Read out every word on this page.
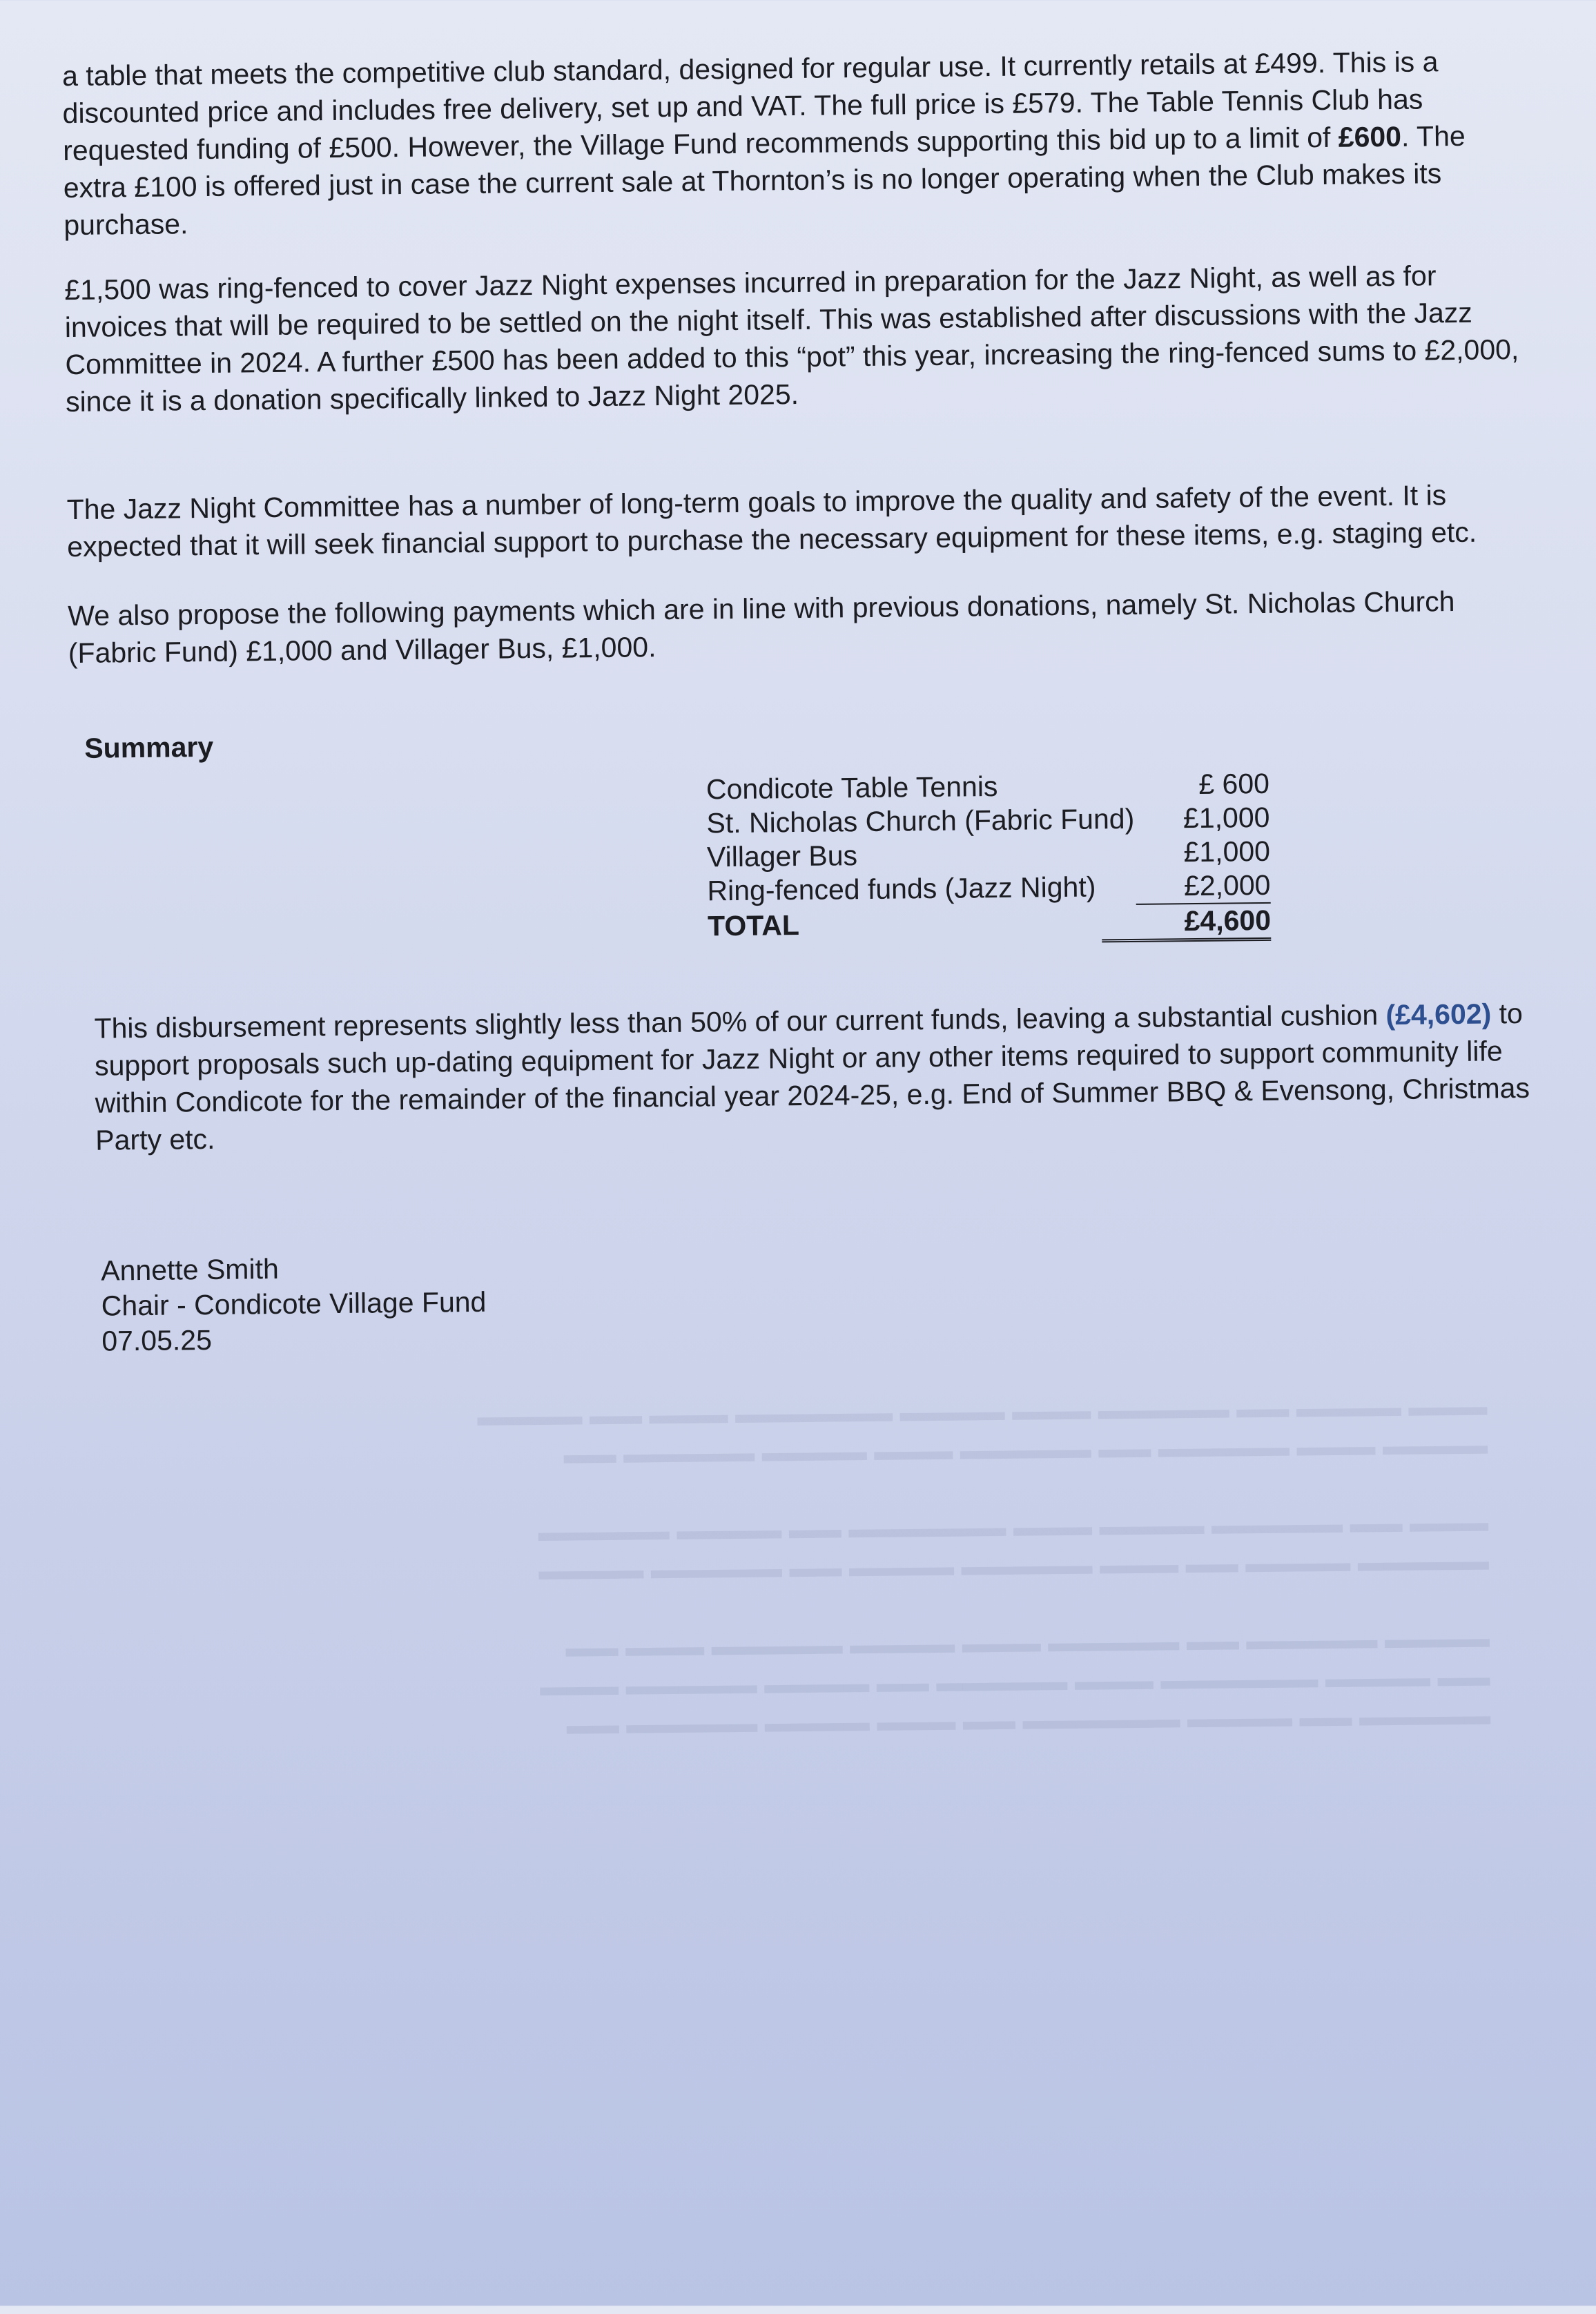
a table that meets the competitive club standard, designed for regular use. It currently retails at £499. This is a discounted price and includes free delivery, set up and VAT. The full price is £579. The Table Tennis Club has requested funding of £500. However, the Village Fund recommends supporting this bid up to a limit of £600. The extra £100 is offered just in case the current sale at Thornton’s is no longer operating when the Club makes its purchase.

£1,500 was ring-fenced to cover Jazz Night expenses incurred in preparation for the Jazz Night, as well as for invoices that will be required to be settled on the night itself. This was established after discussions with the Jazz Committee in 2024. A further £500 has been added to this “pot” this year, increasing the ring-fenced sums to £2,000, since it is a donation specifically linked to Jazz Night 2025.

The Jazz Night Committee has a number of long-term goals to improve the quality and safety of the event. It is expected that it will seek financial support to purchase the necessary equipment for these items, e.g. staging etc.

We also propose the following payments which are in line with previous donations, namely St. Nicholas Church (Fabric Fund) £1,000 and Villager Bus, £1,000.

Summary
Condicote Table Tennis	£ 600
St. Nicholas Church (Fabric Fund) £1,000
Villager Bus	£1,000
Ring-fenced funds (Jazz Night)	£2,000
TOTAL	£4,600

This disbursement represents slightly less than 50% of our current funds, leaving a substantial cushion (£4,602) to support proposals such up-dating equipment for Jazz Night or any other items required to support community life within Condicote for the remainder of the financial year 2024-25, e.g. End of Summer BBQ & Evensong, Christmas Party etc.

Annette Smith
Chair - Condicote Village Fund
07.05.25
▬▬▬ ▬▬▬▬ ▬▬ ▬▬▬▬▬ ▬▬▬ ▬▬▬▬ ▬▬▬▬▬▬ ▬▬▬ ▬▬ ▬▬▬▬
▬▬▬▬ ▬▬▬ ▬▬▬▬▬ ▬▬ ▬▬▬▬▬ ▬▬▬ ▬▬▬▬ ▬▬▬▬▬ ▬▬

▬▬▬ ▬▬ ▬▬▬▬▬ ▬▬▬▬ ▬▬▬ ▬▬▬▬▬▬ ▬▬ ▬▬▬▬ ▬▬▬▬▬
▬▬▬▬▬ ▬▬▬▬ ▬▬ ▬▬▬ ▬▬▬▬▬ ▬▬▬▬ ▬▬ ▬▬▬▬▬ ▬▬▬▬

▬▬▬▬ ▬▬▬▬▬ ▬▬ ▬▬▬▬▬ ▬▬▬ ▬▬▬▬ ▬▬▬▬▬ ▬▬▬ ▬▬
▬▬ ▬▬▬▬ ▬▬▬▬▬▬ ▬▬▬ ▬▬▬▬▬ ▬▬ ▬▬▬▬ ▬▬▬▬▬ ▬▬▬
▬▬▬▬▬ ▬▬ ▬▬▬▬ ▬▬▬▬▬▬ ▬▬ ▬▬▬ ▬▬▬▬ ▬▬▬▬▬ ▬▬
